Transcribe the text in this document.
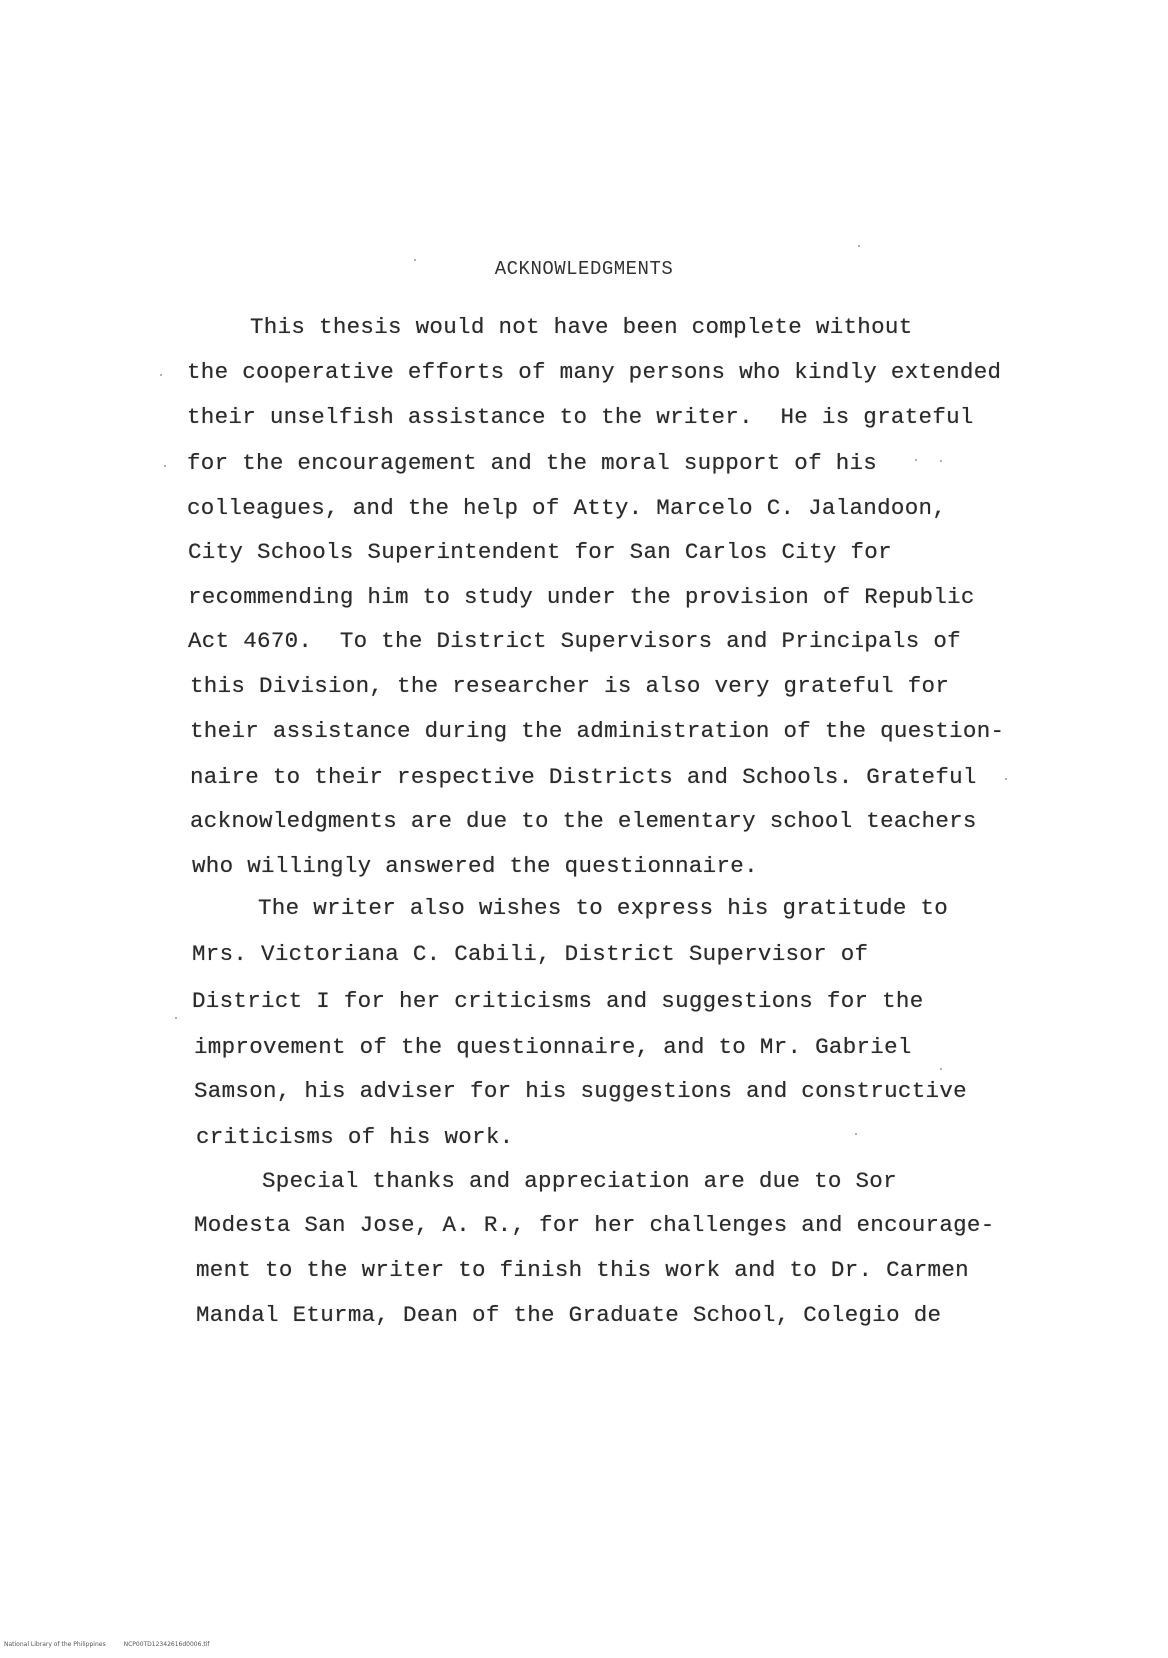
ACKNOWLEDGMENTS
This thesis would not have been complete without
the cooperative efforts of many persons who kindly extended
their unselfish assistance to the writer.  He is grateful
for the encouragement and the moral support of his
colleagues, and the help of Atty. Marcelo C. Jalandoon,
City Schools Superintendent for San Carlos City for
recommending him to study under the provision of Republic
Act 4670.  To the District Supervisors and Principals of
this Division, the researcher is also very grateful for
their assistance during the administration of the question-
naire to their respective Districts and Schools. Grateful
acknowledgments are due to the elementary school teachers
who willingly answered the questionnaire.
The writer also wishes to express his gratitude to
Mrs. Victoriana C. Cabili, District Supervisor of
District I for her criticisms and suggestions for the
improvement of the questionnaire, and to Mr. Gabriel
Samson, his adviser for his suggestions and constructive
criticisms of his work.
Special thanks and appreciation are due to Sor
Modesta San Jose, A. R., for her challenges and encourage-
ment to the writer to finish this work and to Dr. Carmen
Mandal Eturma, Dean of the Graduate School, Colegio de
National Library of the Philippines	NCP00TD12342616d0006.tif
